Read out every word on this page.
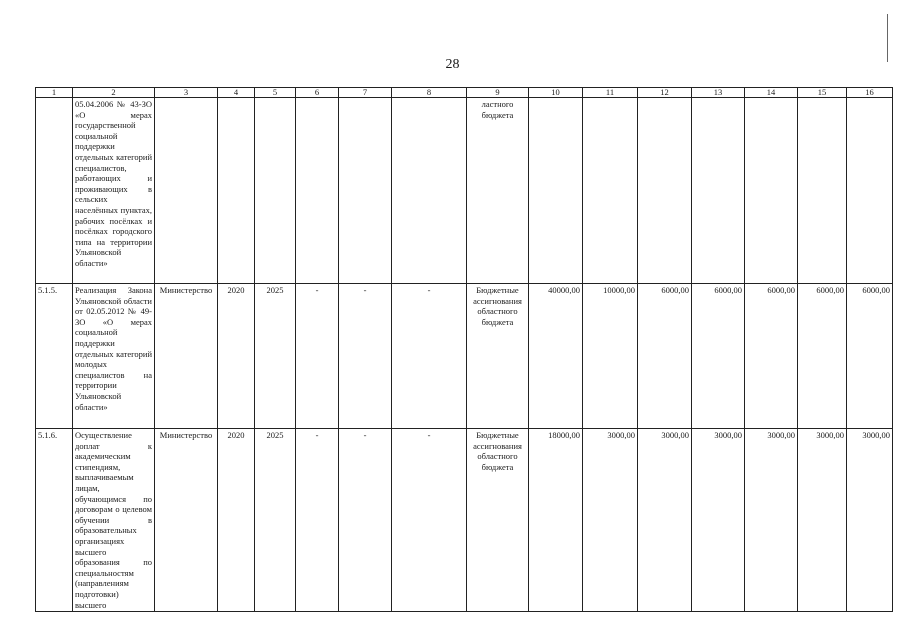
28
1	2	3	4	5	6	7	8	9	10	11	12	13	14	15	16
	05.04.2006 № 43-ЗО «О мерах государственной социальной поддержки отдельных категорий специалистов, работающих и проживающих в сельских населённых пунктах, рабочих посёлках и посёлках городского типа на территории Ульяновской области»							ластного бюджета							
5.1.5.	Реализация Закона Ульяновской области от 02.05.2012 № 49-ЗО «О мерах социальной поддержки отдельных категорий молодых специалистов на территории Ульяновской области»	Министерство	2020	2025	-	-	-	Бюджетные ассигнования областного бюджета	40000,00	10000,00	6000,00	6000,00	6000,00	6000,00	6000,00
5.1.6.	Осуществление доплат к академическим стипендиям, выплачиваемым лицам, обучающимся по договорам о целевом обучении в образовательных организациях высшего образования по специальностям (направлениям подготовки) высшего	Министерство	2020	2025	-	-	-	Бюджетные ассигнования областного бюджета	18000,00	3000,00	3000,00	3000,00	3000,00	3000,00	3000,00
